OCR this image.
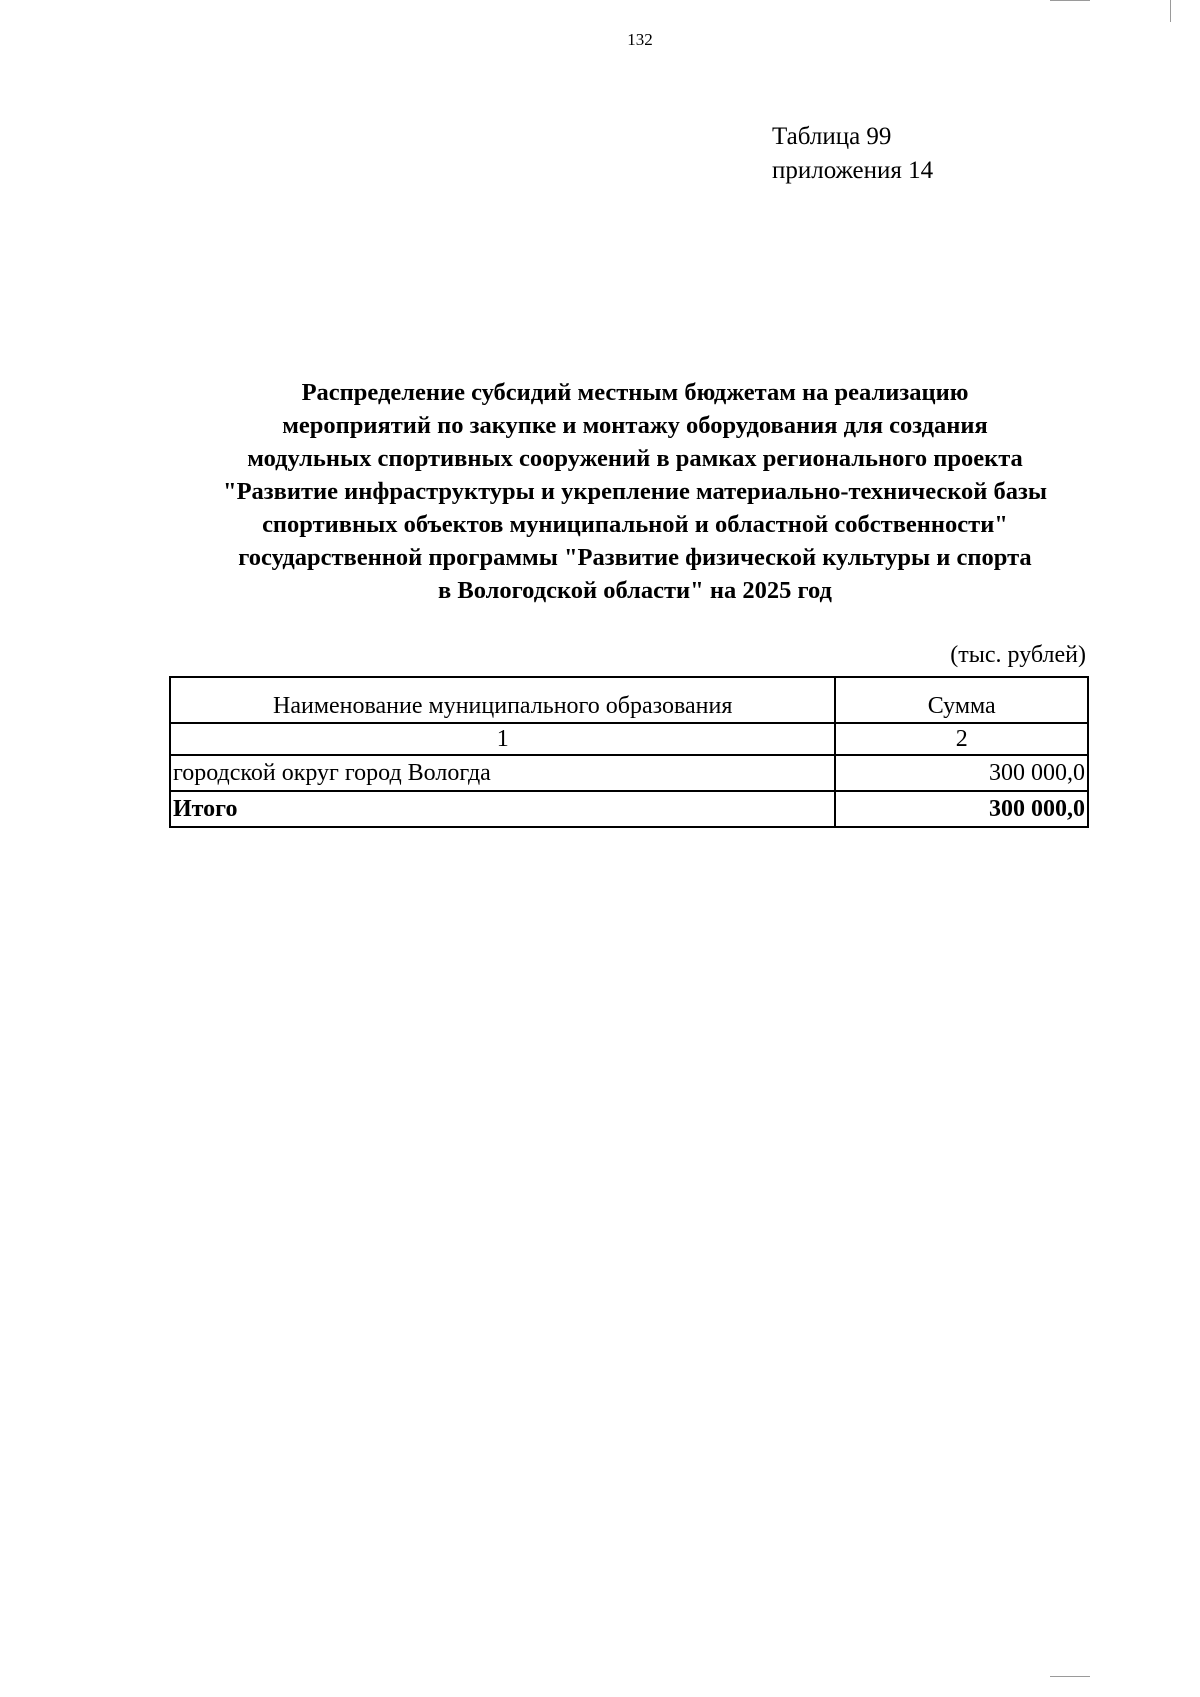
132
Таблица 99
приложения 14
Распределение субсидий местным бюджетам на реализацию
мероприятий по закупке и монтажу оборудования для создания
модульных спортивных сооружений в рамках регионального проекта
"Развитие инфраструктуры и укрепление материально-технической базы
спортивных объектов муниципальной и областной собственности"
государственной программы "Развитие физической культуры и спорта
в Вологодской области" на 2025 год
(тыс. рублей)
Наименование муниципального образования	Сумма
1	2
городской округ город Вологда	300 000,0
Итого	300 000,0
